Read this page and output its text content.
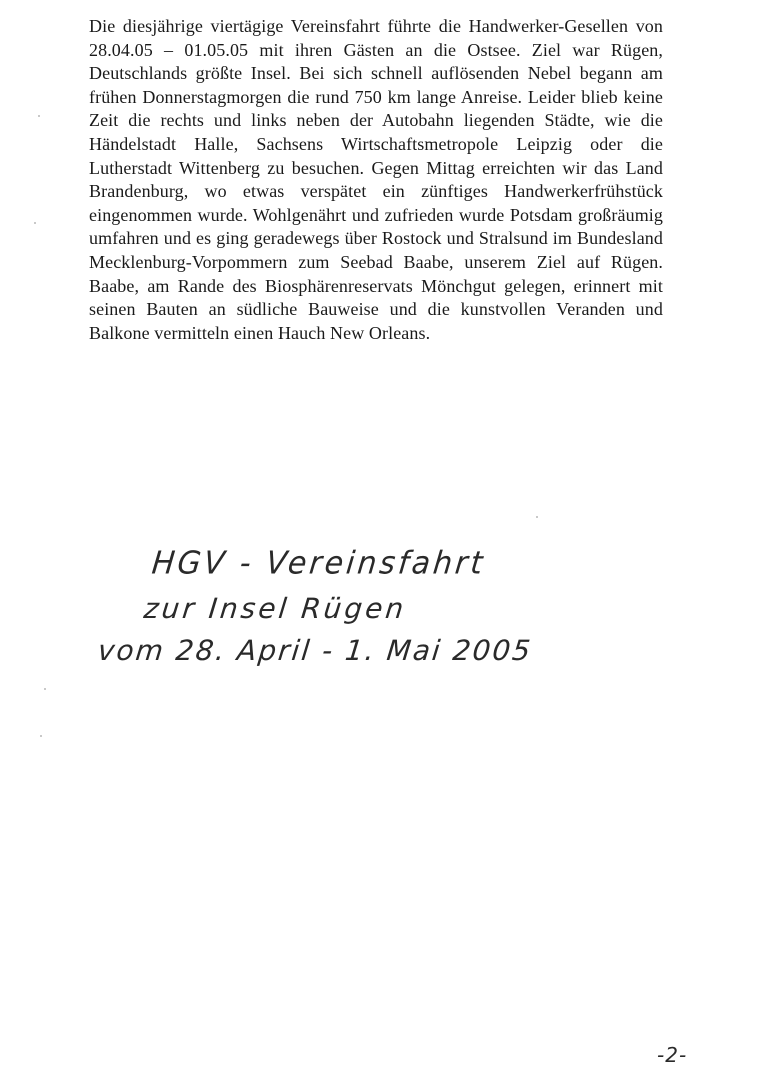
Die diesjährige viertägige Vereinsfahrt führte die Handwerker-Gesellen von 28.04.05 – 01.05.05 mit ihren Gästen an die Ostsee. Ziel war Rügen, Deutschlands größte Insel. Bei sich schnell auflösenden Nebel begann am frühen Donnerstagmorgen die rund 750 km lange Anreise. Leider blieb keine Zeit die rechts und links neben der Autobahn liegenden Städte, wie die Händelstadt Halle, Sachsens Wirtschaftsmetropole Leipzig oder die Lutherstadt Wittenberg zu besuchen. Gegen Mittag erreichten wir das Land Brandenburg, wo etwas verspätet ein zünftiges Handwerkerfrühstück eingenommen wurde. Wohlgenährt und zufrieden wurde Potsdam großräumig umfahren und es ging geradewegs über Rostock und Stralsund im Bundesland Mecklenburg-Vorpommern zum Seebad Baabe, unserem Ziel auf Rügen. Baabe, am Rande des Biosphärenreservats Mönchgut gelegen, erinnert mit seinen Bauten an südliche Bauweise und die kunstvollen Veranden und Balkone vermitteln einen Hauch New Orleans.

HGV - Vereinsfahrt
zur Insel Rügen
vom 28. April - 1. Mai 2005
-2-
